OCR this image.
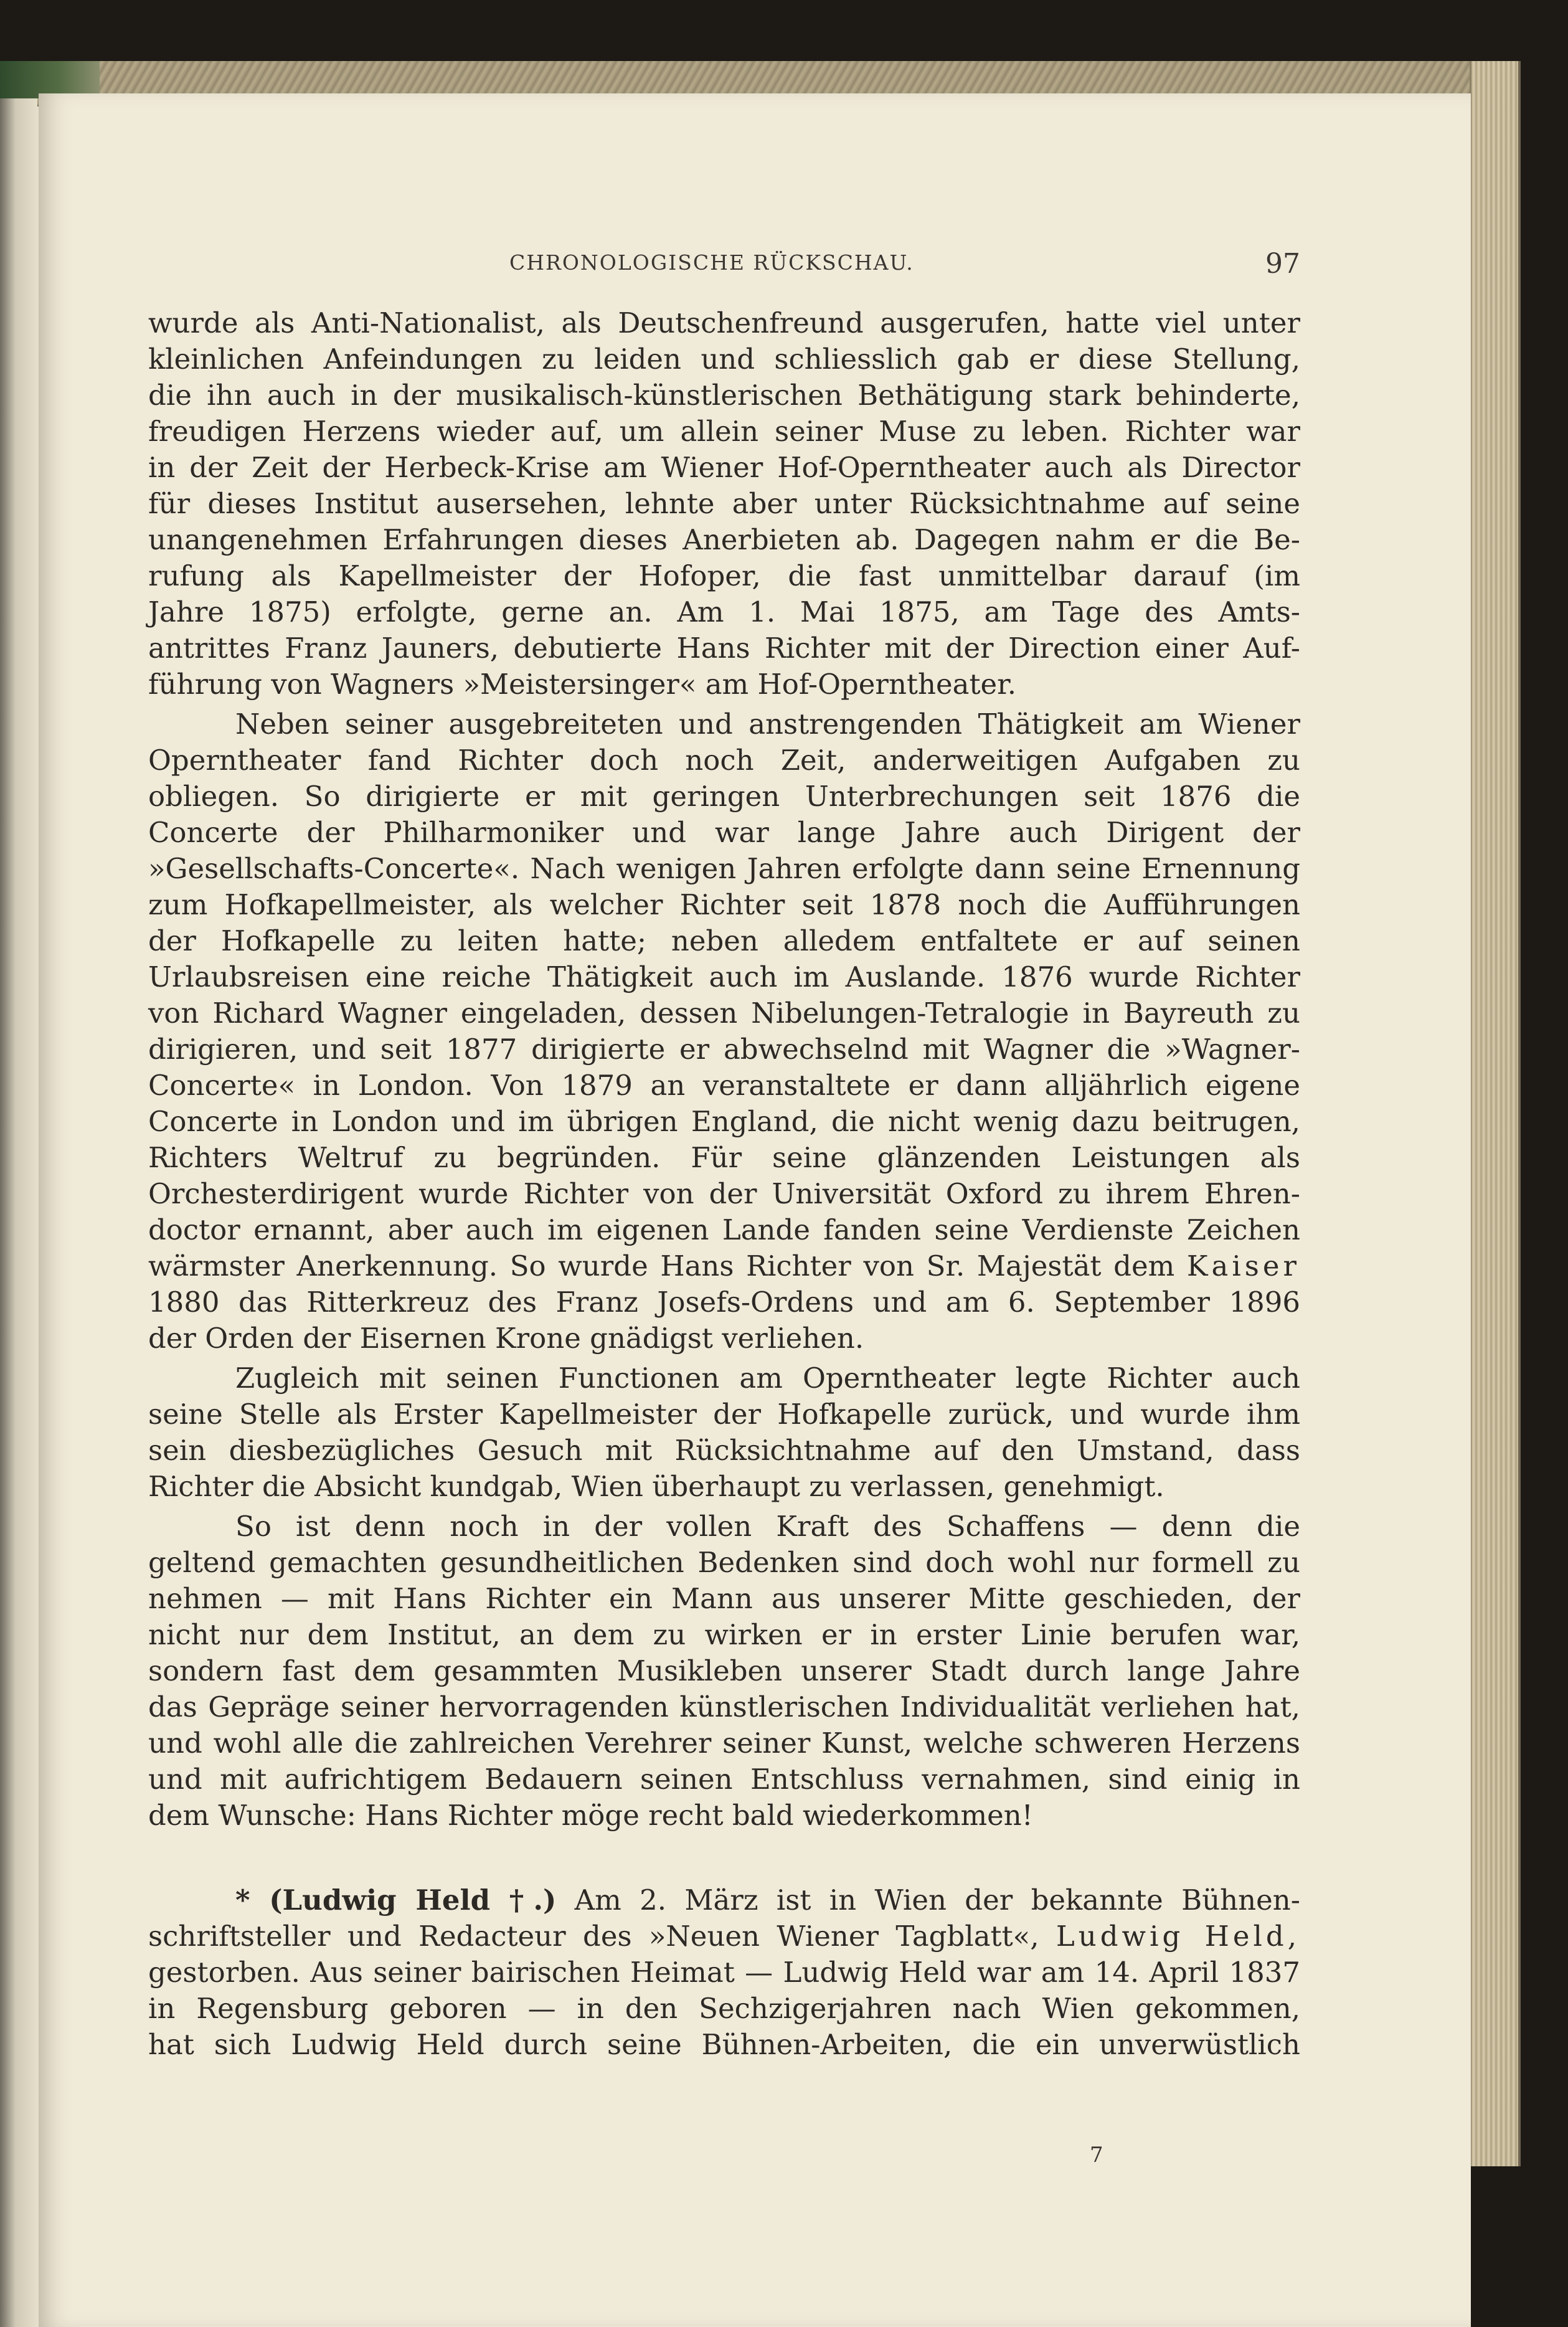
CHRONOLOGISCHE RÜCKSCHAU.	97
wurde als Anti-Nationalist, als Deutschenfreund ausgerufen, hatte viel unter
kleinlichen Anfeindungen zu leiden und schliesslich gab er diese Stellung,
die ihn auch in der musikalisch-künstlerischen Bethätigung stark behinderte,
freudigen Herzens wieder auf, um allein seiner Muse zu leben. Richter war
in der Zeit der Herbeck-Krise am Wiener Hof-Operntheater auch als Director
für dieses Institut ausersehen, lehnte aber unter Rücksichtnahme auf seine
unangenehmen Erfahrungen dieses Anerbieten ab. Dagegen nahm er die Be-
rufung als Kapellmeister der Hofoper, die fast unmittelbar darauf (im
Jahre 1875) erfolgte, gerne an. Am 1. Mai 1875, am Tage des Amts-
antrittes Franz Jauners, debutierte Hans Richter mit der Direction einer Auf-
führung von Wagners »Meistersinger« am Hof-Operntheater.
Neben seiner ausgebreiteten und anstrengenden Thätigkeit am Wiener
Operntheater fand Richter doch noch Zeit, anderweitigen Aufgaben zu
obliegen. So dirigierte er mit geringen Unterbrechungen seit 1876 die
Concerte der Philharmoniker und war lange Jahre auch Dirigent der
»Gesellschafts-Concerte«. Nach wenigen Jahren erfolgte dann seine Ernennung
zum Hofkapellmeister, als welcher Richter seit 1878 noch die Aufführungen
der Hofkapelle zu leiten hatte; neben alledem entfaltete er auf seinen
Urlaubsreisen eine reiche Thätigkeit auch im Auslande. 1876 wurde Richter
von Richard Wagner eingeladen, dessen Nibelungen-Tetralogie in Bayreuth zu
dirigieren, und seit 1877 dirigierte er abwechselnd mit Wagner die »Wagner-
Concerte« in London. Von 1879 an veranstaltete er dann alljährlich eigene
Concerte in London und im übrigen England, die nicht wenig dazu beitrugen,
Richters Weltruf zu begründen. Für seine glänzenden Leistungen als
Orchesterdirigent wurde Richter von der Universität Oxford zu ihrem Ehren-
doctor ernannt, aber auch im eigenen Lande fanden seine Verdienste Zeichen
wärmster Anerkennung. So wurde Hans Richter von Sr. Majestät dem Kaiser
1880 das Ritterkreuz des Franz Josefs-Ordens und am 6. September 1896
der Orden der Eisernen Krone gnädigst verliehen.
Zugleich mit seinen Functionen am Operntheater legte Richter auch
seine Stelle als Erster Kapellmeister der Hofkapelle zurück, und wurde ihm
sein diesbezügliches Gesuch mit Rücksichtnahme auf den Umstand, dass
Richter die Absicht kundgab, Wien überhaupt zu verlassen, genehmigt.
So ist denn noch in der vollen Kraft des Schaffens — denn die
geltend gemachten gesundheitlichen Bedenken sind doch wohl nur formell zu
nehmen — mit Hans Richter ein Mann aus unserer Mitte geschieden, der
nicht nur dem Institut, an dem zu wirken er in erster Linie berufen war,
sondern fast dem gesammten Musikleben unserer Stadt durch lange Jahre
das Gepräge seiner hervorragenden künstlerischen Individualität verliehen hat,
und wohl alle die zahlreichen Verehrer seiner Kunst, welche schweren Herzens
und mit aufrichtigem Bedauern seinen Entschluss vernahmen, sind einig in
dem Wunsche: Hans Richter möge recht bald wiederkommen!
* (Ludwig Held †.) Am 2. März ist in Wien der bekannte Bühnen-
schriftsteller und Redacteur des »Neuen Wiener Tagblatt«, Ludwig Held,
gestorben. Aus seiner bairischen Heimat — Ludwig Held war am 14. April 1837
in Regensburg geboren — in den Sechzigerjahren nach Wien gekommen,
hat sich Ludwig Held durch seine Bühnen-Arbeiten, die ein unverwüstlich
7
